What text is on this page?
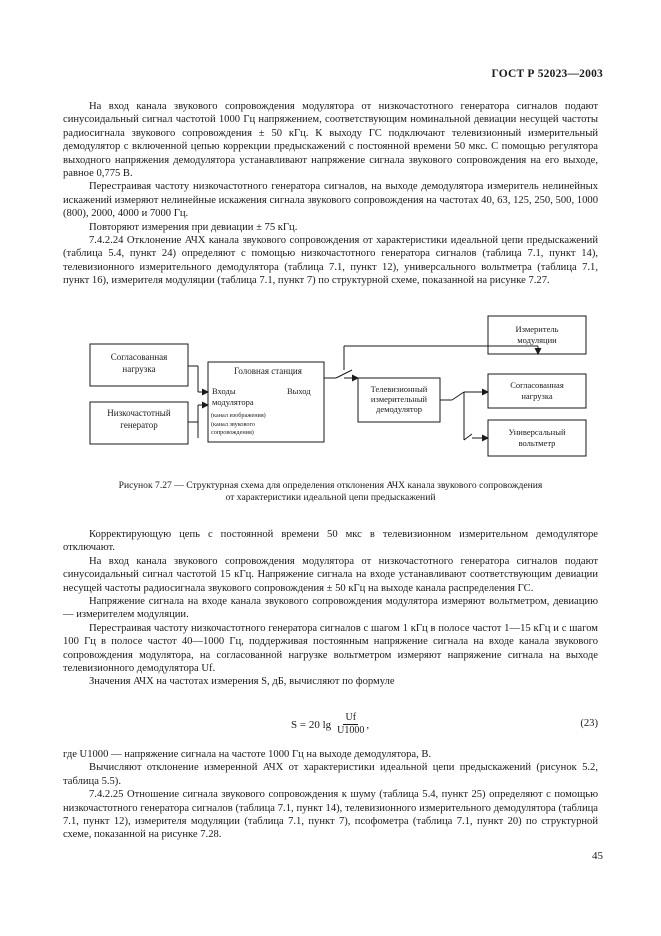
ГОСТ Р 52023—2003

На вход канала звукового сопровождения модулятора от низкочастотного генератора сигналов подают синусоидальный сигнал частотой 1000 Гц напряжением, соответствующим номинальной девиации несущей частоты радиосигнала звукового сопровождения ± 50 кГц. К выходу ГС подключают телевизионный измерительный демодулятор с включенной цепью коррекции предыскажений с постоянной времени 50 мкс. С помощью регулятора выходного напряжения демодулятора устанавливают напряжение сигнала звукового сопровождения на его выходе, равное 0,775 В.

Перестраивая частоту низкочастотного генератора сигналов, на выходе демодулятора измеритель нелинейных искажений измеряют нелинейные искажения сигнала звукового сопровождения на частотах 40, 63, 125, 250, 500, 1000 (800), 2000, 4000 и 7000 Гц.

Повторяют измерения при девиации ± 75 кГц.

7.4.2.24 Отклонение АЧХ канала звукового сопровождения от характеристики идеальной цепи предыскажений (таблица 5.4, пункт 24) определяют с помощью низкочастотного генератора сигналов (таблица 7.1, пункт 14), телевизионного измерительного демодулятора (таблица 7.1, пункт 12), универсального вольтметра (таблица 7.1, пункт 16), измерителя модуляции (таблица 7.1, пункт 7) по структурной схеме, показанной на рисунке 7.27.

Согласованная нагрузка
Низкочастотный генератор
Головная станция
Входы	Выход
модулятора
(канал изображения)
(канал звукового сопровождения)
Телевизионный измерительный демодулятор
Измеритель модуляции
Согласованная нагрузка
Универсальный вольтметр
Рисунок 7.27 — Структурная схема для определения отклонения АЧХ канала звукового сопровождения
от характеристики идеальной цепи предыскажений

Корректирующую цепь с постоянной времени 50 мкс в телевизионном измерительном демодуляторе отключают.

На вход канала звукового сопровождения модулятора от низкочастотного генератора сигналов подают синусоидальный сигнал частотой 15 кГц. Напряжение сигнала на входе устанавливают соответствующим девиации несущей частоты радиосигнала звукового сопровождения ± 50 кГц на выходе канала распределения ГС.

Напряжение сигнала на входе канала звукового сопровождения модулятора измеряют вольтметром, девиацию — измерителем модуляции.

Перестраивая частоту низкочастотного генератора сигналов с шагом 1 кГц в полосе частот 1—15 кГц и с шагом 100 Гц в полосе частот 40—1000 Гц, поддерживая постоянным напряжение сигнала на входе канала звукового сопровождения модулятора, на согласованной нагрузке вольтметром измеряют напряжение сигнала на выходе телевизионного демодулятора Uf.

Значения АЧХ на частотах измерения S, дБ, вычисляют по формуле

S = 20 $\lg \frac{Uf}{U1000}$ ,	(23)

где U1000 — напряжение сигнала на частоте 1000 Гц на выходе демодулятора, В.

Вычисляют отклонение измеренной АЧХ от характеристики идеальной цепи предыскажений (рисунок 5.2, таблица 5.5).

7.4.2.25 Отношение сигнала звукового сопровождения к шуму (таблица 5.4, пункт 25) определяют с помощью низкочастотного генератора сигналов (таблица 7.1, пункт 14), телевизионного измерительного демодулятора (таблица 7.1, пункт 12), измерителя модуляции (таблица 7.1, пункт 7), псофометра (таблица 7.1, пункт 20) по структурной схеме, показанной на рисунке 7.28.

45
